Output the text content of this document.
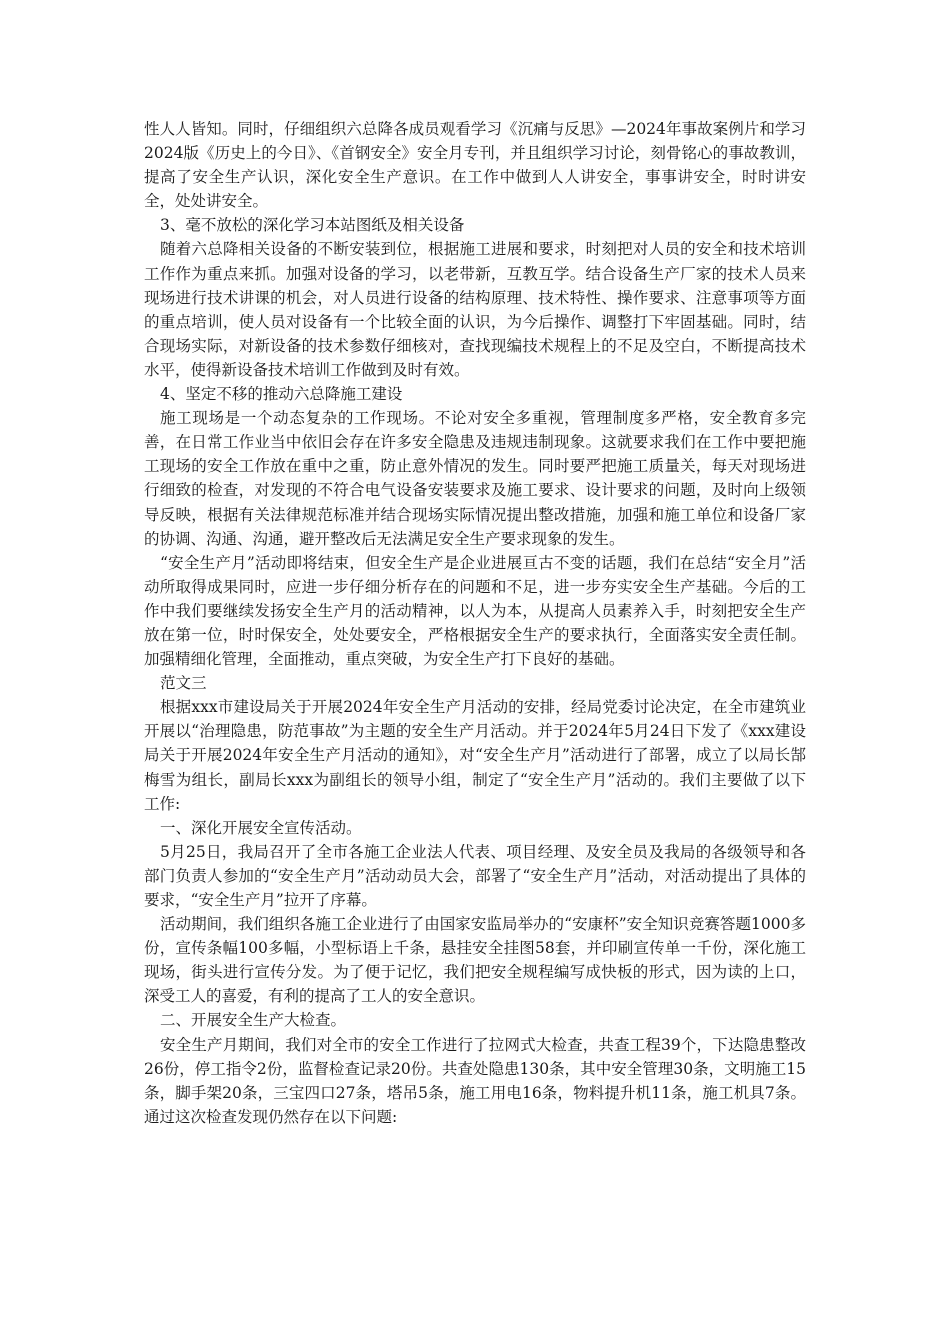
性人人皆知。同时，仔细组织六总降各成员观看学习《沉痛与反思》—2024年事故案例片和学习2024版《历史上的今日》、《首钢安全》安全月专刊，并且组织学习讨论，刻骨铭心的事故教训，提高了安全生产认识，深化安全生产意识。在工作中做到人人讲安全，事事讲安全，时时讲安全，处处讲安全。

3、毫不放松的深化学习本站图纸及相关设备

随着六总降相关设备的不断安装到位，根据施工进展和要求，时刻把对人员的安全和技术培训工作作为重点来抓。加强对设备的学习，以老带新，互教互学。结合设备生产厂家的技术人员来现场进行技术讲课的机会，对人员进行设备的结构原理、技术特性、操作要求、注意事项等方面的重点培训，使人员对设备有一个比较全面的认识，为今后操作、调整打下牢固基础。同时，结合现场实际，对新设备的技术参数仔细核对，查找现编技术规程上的不足及空白，不断提高技术水平，使得新设备技术培训工作做到及时有效。

4、坚定不移的推动六总降施工建设

施工现场是一个动态复杂的工作现场。不论对安全多重视，管理制度多严格，安全教育多完善，在日常工作业当中依旧会存在许多安全隐患及违规违制现象。这就要求我们在工作中要把施工现场的安全工作放在重中之重，防止意外情况的发生。同时要严把施工质量关，每天对现场进行细致的检查，对发现的不符合电气设备安装要求及施工要求、设计要求的问题，及时向上级领导反映，根据有关法律规范标准并结合现场实际情况提出整改措施，加强和施工单位和设备厂家的协调、沟通、沟通，避开整改后无法满足安全生产要求现象的发生。

“安全生产月”活动即将结束，但安全生产是企业进展亘古不变的话题，我们在总结“安全月”活动所取得成果同时，应进一步仔细分析存在的问题和不足，进一步夯实安全生产基础。今后的工作中我们要继续发扬安全生产月的活动精神，以人为本，从提高人员素养入手，时刻把安全生产放在第一位，时时保安全，处处要安全，严格根据安全生产的要求执行，全面落实安全责任制。加强精细化管理，全面推动，重点突破，为安全生产打下良好的基础。

范文三

根据xxx市建设局关于开展2024年安全生产月活动的安排，经局党委讨论决定，在全市建筑业开展以“治理隐患，防范事故”为主题的安全生产月活动。并于2024年5月24日下发了《xxx建设局关于开展2024年安全生产月活动的通知》，对“安全生产月”活动进行了部署，成立了以局长郜梅雪为组长，副局长xxx为副组长的领导小组，制定了“安全生产月”活动的。我们主要做了以下工作:

一、深化开展安全宣传活动。

5月25日，我局召开了全市各施工企业法人代表、项目经理、及安全员及我局的各级领导和各部门负责人参加的“安全生产月”活动动员大会，部署了“安全生产月”活动，对活动提出了具体的要求，“安全生产月”拉开了序幕。

活动期间，我们组织各施工企业进行了由国家安监局举办的“安康杯”安全知识竞赛答题1000多份，宣传条幅100多幅，小型标语上千条，悬挂安全挂图58套，并印刷宣传单一千份，深化施工现场，街头进行宣传分发。为了便于记忆，我们把安全规程编写成快板的形式，因为读的上口，深受工人的喜爱，有利的提高了工人的安全意识。

二、开展安全生产大检查。

安全生产月期间，我们对全市的安全工作进行了拉网式大检查，共查工程39个，下达隐患整改26份，停工指令2份，监督检查记录20份。共查处隐患130条，其中安全管理30条，文明施工15条，脚手架20条，三宝四口27条，塔吊5条，施工用电16条，物料提升机11条，施工机具7条。通过这次检查发现仍然存在以下问题:
